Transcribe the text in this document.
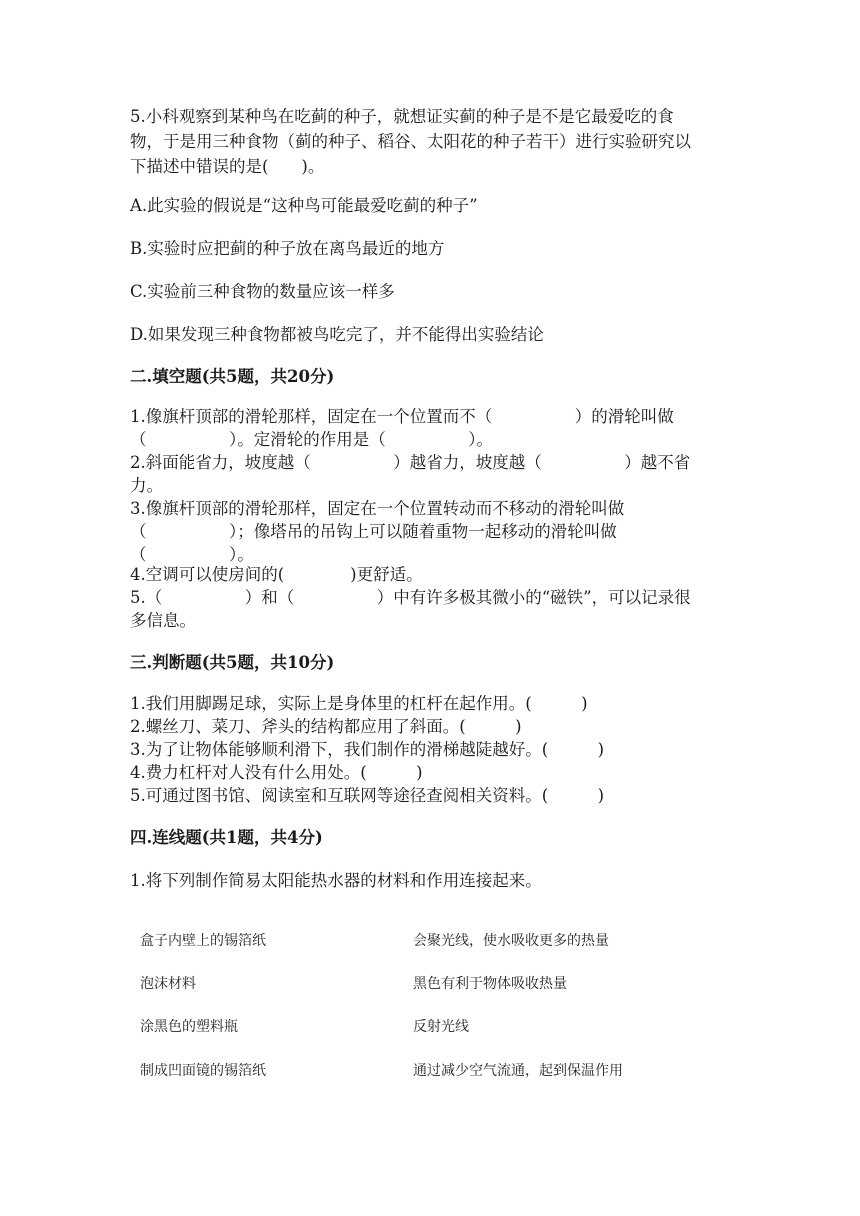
5.小科观察到某种鸟在吃蓟的种子，就想证实蓟的种子是不是它最爱吃的食
物，于是用三种食物（蓟的种子、稻谷、太阳花的种子若干）进行实验研究以
下描述中错误的是(　　)。
A.此实验的假说是“这种鸟可能最爱吃蓟的种子”
B.实验时应把蓟的种子放在离鸟最近的地方
C.实验前三种食物的数量应该一样多
D.如果发现三种食物都被鸟吃完了，并不能得出实验结论
二.填空题(共5题，共20分)
1.像旗杆顶部的滑轮那样，固定在一个位置而不（　　　　　）的滑轮叫做
（　　　　　）。定滑轮的作用是（　　　　　）。
2.斜面能省力，坡度越（　　　　　）越省力，坡度越（　　　　　）越不省
力。
3.像旗杆顶部的滑轮那样，固定在一个位置转动而不移动的滑轮叫做
（　　　　　）；像塔吊的吊钩上可以随着重物一起移动的滑轮叫做
（　　　　　）。
4.空调可以使房间的(　　　　)更舒适。
5.（　　　　　）和（　　　　　）中有许多极其微小的“磁铁”，可以记录很
多信息。
三.判断题(共5题，共10分)
1.我们用脚踢足球，实际上是身体里的杠杆在起作用。(　　　)
2.螺丝刀、菜刀、斧头的结构都应用了斜面。(　　　)
3.为了让物体能够顺利滑下，我们制作的滑梯越陡越好。(　　　)
4.费力杠杆对人没有什么用处。(　　　)
5.可通过图书馆、阅读室和互联网等途径查阅相关资料。(　　　)
四.连线题(共1题，共4分)
1.将下列制作简易太阳能热水器的材料和作用连接起来。
盒子内壁上的锡箔纸
泡沫材料
涂黑色的塑料瓶
制成凹面镜的锡箔纸
会聚光线，使水吸收更多的热量
黑色有利于物体吸收热量
反射光线
通过减少空气流通，起到保温作用
